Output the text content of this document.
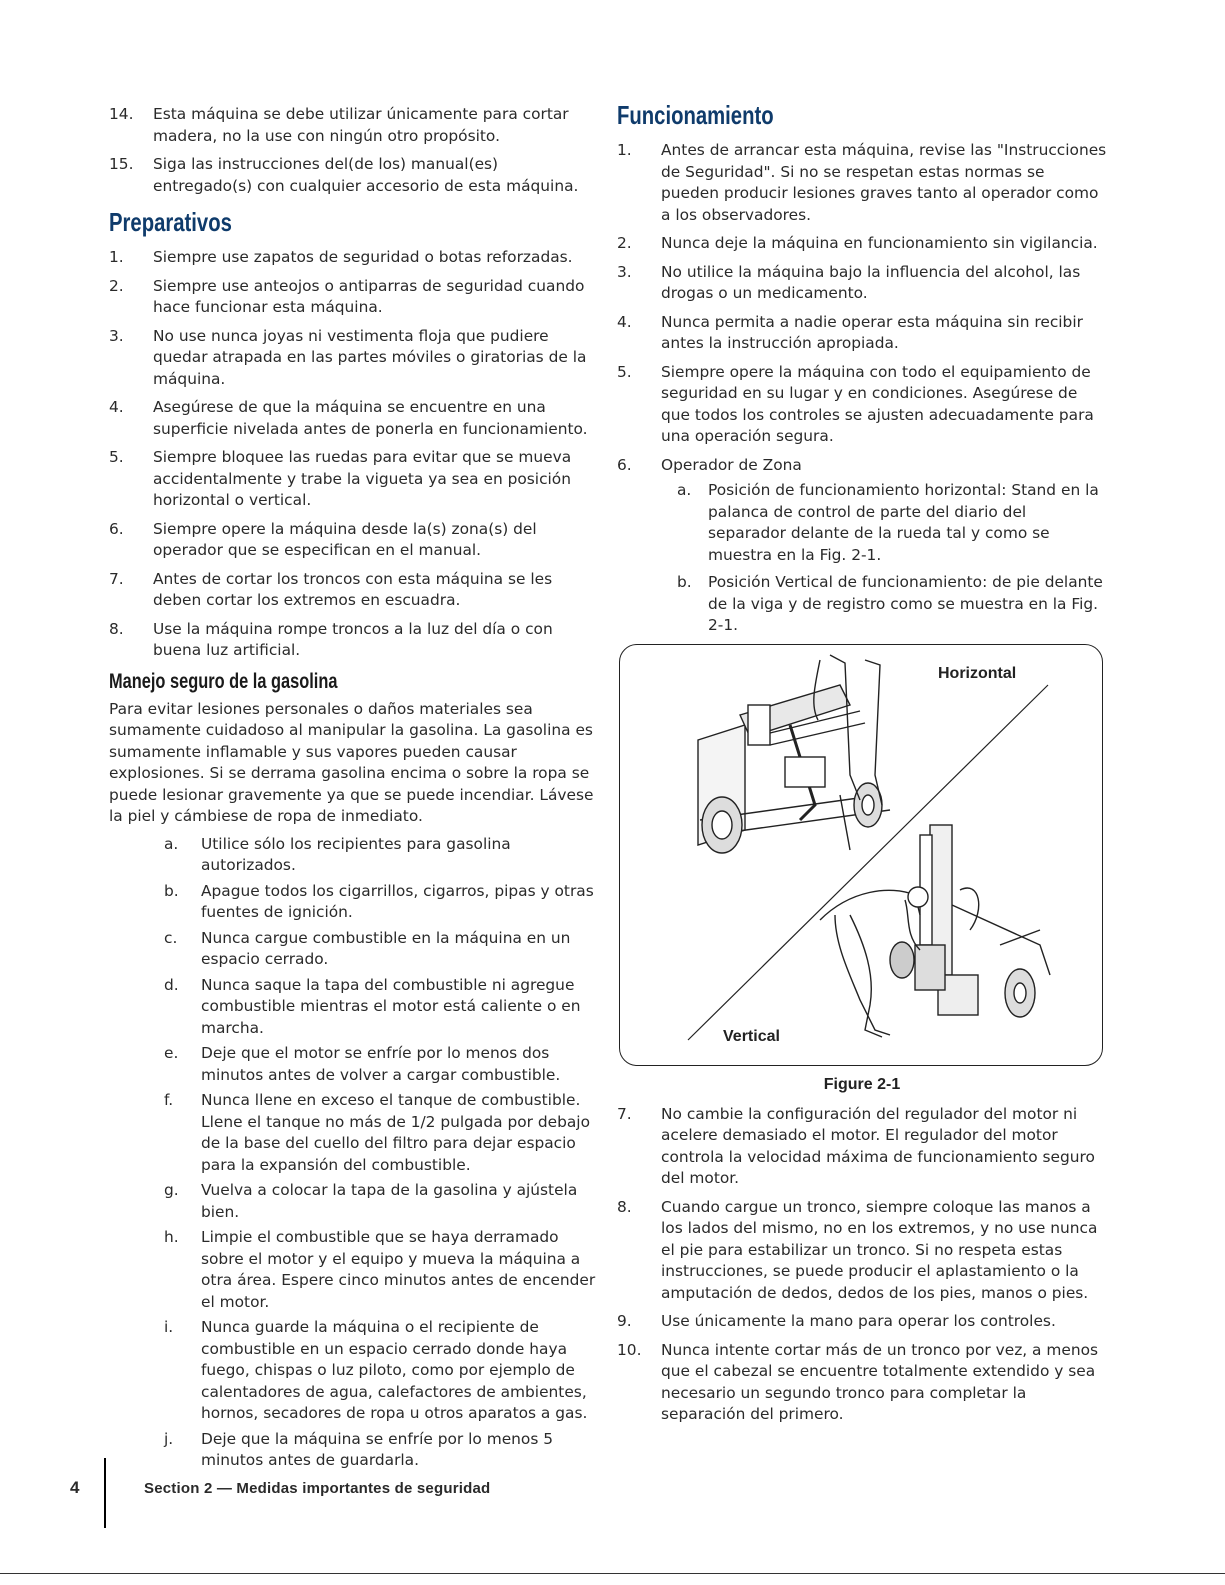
14. Esta máquina se debe utilizar únicamente para cortar madera, no la use con ningún otro propósito.
15. Siga las instrucciones del(de los) manual(es) entregado(s) con cualquier accesorio de esta máquina.
Preparativos
1. Siempre use zapatos de seguridad o botas reforzadas.
2. Siempre use anteojos o antiparras de seguridad cuando hace funcionar esta máquina.
3. No use nunca joyas ni vestimenta floja que pudiere quedar atrapada en las partes móviles o giratorias de la máquina.
4. Asegúrese de que la máquina se encuentre en una superficie nivelada antes de ponerla en funcionamiento.
5. Siempre bloquee las ruedas para evitar que se mueva accidentalmente y trabe la vigueta ya sea en posición horizontal o vertical.
6. Siempre opere la máquina desde la(s) zona(s) del operador que se especifican en el manual.
7. Antes de cortar los troncos con esta máquina se les deben cortar los extremos en escuadra.
8. Use la máquina rompe troncos a la luz del día o con buena luz artificial.
Manejo seguro de la gasolina

Para evitar lesiones personales o daños materiales sea sumamente cuidadoso al manipular la gasolina. La gasolina es sumamente inflamable y sus vapores pueden causar explosiones. Si se derrama gasolina encima o sobre la ropa se puede lesionar gravemente ya que se puede incendiar. Lávese la piel y cámbiese de ropa de inmediato.

a. Utilice sólo los recipientes para gasolina autorizados.
b. Apague todos los cigarrillos, cigarros, pipas y otras fuentes de ignición.
c. Nunca cargue combustible en la máquina en un espacio cerrado.
d. Nunca saque la tapa del combustible ni agregue combustible mientras el motor está caliente o en marcha.
e. Deje que el motor se enfríe por lo menos dos minutos antes de volver a cargar combustible.
f. Nunca llene en exceso el tanque de combustible. Llene el tanque no más de 1/2 pulgada por debajo de la base del cuello del filtro para dejar espacio para la expansión del combustible.
g. Vuelva a colocar la tapa de la gasolina y ajústela bien.
h. Limpie el combustible que se haya derramado sobre el motor y el equipo y mueva la máquina a otra área. Espere cinco minutos antes de encender el motor.
i. Nunca guarde la máquina o el recipiente de combustible en un espacio cerrado donde haya fuego, chispas o luz piloto, como por ejemplo de calentadores de agua, calefactores de ambientes, hornos, secadores de ropa u otros aparatos a gas.
j. Deje que la máquina se enfríe por lo menos 5 minutos antes de guardarla.
Funcionamiento
1. Antes de arrancar esta máquina, revise las "Instrucciones de Seguridad". Si no se respetan estas normas se pueden producir lesiones graves tanto al operador como a los observadores.
2. Nunca deje la máquina en funcionamiento sin vigilancia.
3. No utilice la máquina bajo la influencia del alcohol, las drogas o un medicamento.
4. Nunca permita a nadie operar esta máquina sin recibir antes la instrucción apropiada.
5. Siempre opere la máquina con todo el equipamiento de seguridad en su lugar y en condiciones. Asegúrese de que todos los controles se ajusten adecuadamente para una operación segura.
6. Operador de Zona
a. Posición de funcionamiento horizontal: Stand en la palanca de control de parte del diario del separador delante de la rueda tal y como se muestra en la Fig. 2-1.
b. Posición Vertical de funcionamiento: de pie delante de la viga y de registro como se muestra en la Fig. 2-1.
Horizontal
Vertical
Figure 2-1
7. No cambie la configuración del regulador del motor ni acelere demasiado el motor. El regulador del motor controla la velocidad máxima de funcionamiento seguro del motor.
8. Cuando cargue un tronco, siempre coloque las manos a los lados del mismo, no en los extremos, y no use nunca el pie para estabilizar un tronco. Si no respeta estas instrucciones, se puede producir el aplastamiento o la amputación de dedos, dedos de los pies, manos o pies.
9. Use únicamente la mano para operar los controles.
10. Nunca intente cortar más de un tronco por vez, a menos que el cabezal se encuentre totalmente extendido y sea necesario un segundo tronco para completar la separación del primero.
4	Section 2 — Medidas importantes de seguridad
